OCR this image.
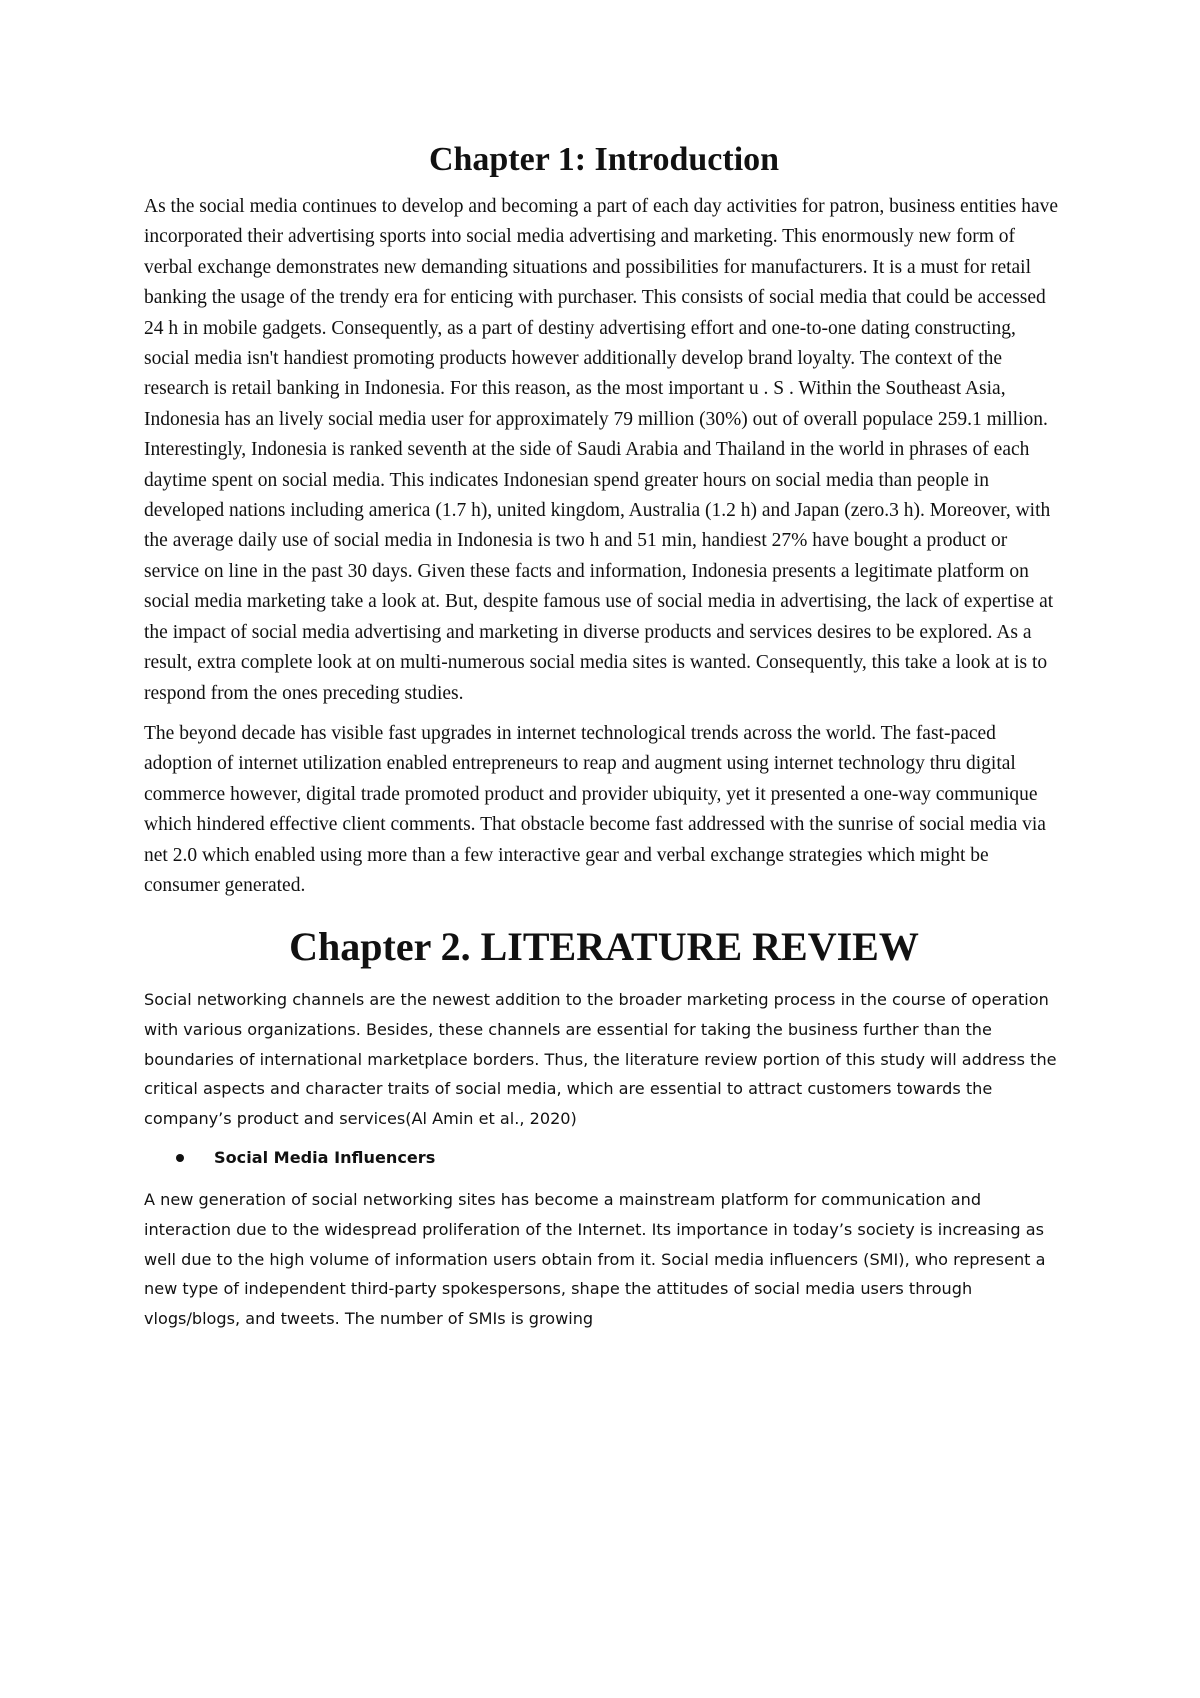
Chapter 1: Introduction

As the social media continues to develop and becoming a part of each day activities for patron, business entities have incorporated their advertising sports into social media advertising and marketing. This enormously new form of verbal exchange demonstrates new demanding situations and possibilities for manufacturers. It is a must for retail banking the usage of the trendy era for enticing with purchaser. This consists of social media that could be accessed 24 h in mobile gadgets. Consequently, as a part of destiny advertising effort and one-to-one dating constructing, social media isn't handiest promoting products however additionally develop brand loyalty. The context of the research is retail banking in Indonesia. For this reason, as the most important u . S . Within the Southeast Asia, Indonesia has an lively social media user for approximately 79 million (30%) out of overall populace 259.1 million. Interestingly, Indonesia is ranked seventh at the side of Saudi Arabia and Thailand in the world in phrases of each daytime spent on social media. This indicates Indonesian spend greater hours on social media than people in developed nations including america (1.7 h), united kingdom, Australia (1.2 h) and Japan (zero.3 h). Moreover, with the average daily use of social media in Indonesia is two h and 51 min, handiest 27% have bought a product or service on line in the past 30 days. Given these facts and information, Indonesia presents a legitimate platform on social media marketing take a look at. But, despite famous use of social media in advertising, the lack of expertise at the impact of social media advertising and marketing in diverse products and services desires to be explored. As a result, extra complete look at on multi-numerous social media sites is wanted. Consequently, this take a look at is to respond from the ones preceding studies.

The beyond decade has visible fast upgrades in internet technological trends across the world. The fast-paced adoption of internet utilization enabled entrepreneurs to reap and augment using internet technology thru digital commerce however, digital trade promoted product and provider ubiquity, yet it presented a one-way communique which hindered effective client comments. That obstacle become fast addressed with the sunrise of social media via net 2.0 which enabled using more than a few interactive gear and verbal exchange strategies which might be consumer generated.

Chapter 2. LITERATURE REVIEW

Social networking channels are the newest addition to the broader marketing process in the course of operation with various organizations. Besides, these channels are essential for taking the business further than the boundaries of international marketplace borders. Thus, the literature review portion of this study will address the critical aspects and character traits of social media, which are essential to attract customers towards the company’s product and services(Al Amin et al., 2020)

Social Media Influencers

A new generation of social networking sites has become a mainstream platform for communication and interaction due to the widespread proliferation of the Internet. Its importance in today’s society is increasing as well due to the high volume of information users obtain from it. Social media influencers (SMI), who represent a new type of independent third-party spokespersons, shape the attitudes of social media users through vlogs/blogs, and tweets. The number of SMIs is growing
